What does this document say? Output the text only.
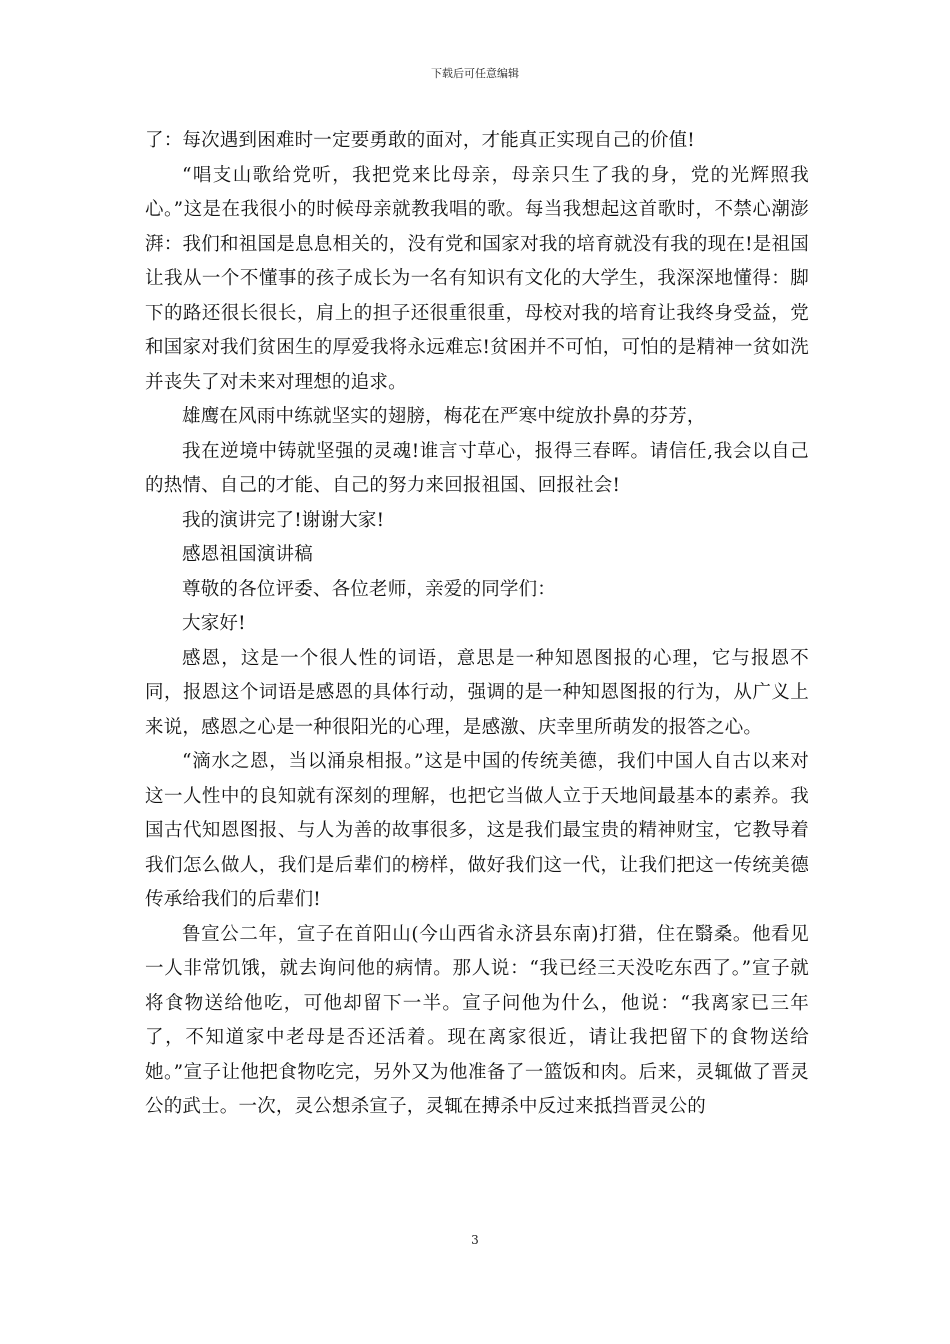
下载后可任意编辑

了：每次遇到困难时一定要勇敢的面对，才能真正实现自己的价值!

“唱支山歌给党听，我把党来比母亲，母亲只生了我的身，党的光辉照我心。”这是在我很小的时候母亲就教我唱的歌。每当我想起这首歌时，不禁心潮澎湃：我们和祖国是息息相关的，没有党和国家对我的培育就没有我的现在!是祖国让我从一个不懂事的孩子成长为一名有知识有文化的大学生，我深深地懂得：脚下的路还很长很长，肩上的担子还很重很重，母校对我的培育让我终身受益，党和国家对我们贫困生的厚爱我将永远难忘!贫困并不可怕，可怕的是精神一贫如洗并丧失了对未来对理想的追求。

雄鹰在风雨中练就坚实的翅膀，梅花在严寒中绽放扑鼻的芬芳，

我在逆境中铸就坚强的灵魂!谁言寸草心，报得三春晖。请信任,我会以自己的热情、自己的才能、自己的努力来回报祖国、回报社会!

我的演讲完了!谢谢大家!

感恩祖国演讲稿

尊敬的各位评委、各位老师，亲爱的同学们：

大家好!

感恩，这是一个很人性的词语，意思是一种知恩图报的心理，它与报恩不同，报恩这个词语是感恩的具体行动，强调的是一种知恩图报的行为，从广义上来说，感恩之心是一种很阳光的心理，是感激、庆幸里所萌发的报答之心。

“滴水之恩，当以涌泉相报。”这是中国的传统美德，我们中国人自古以来对这一人性中的良知就有深刻的理解，也把它当做人立于天地间最基本的素养。我国古代知恩图报、与人为善的故事很多，这是我们最宝贵的精神财宝，它教导着我们怎么做人，我们是后辈们的榜样，做好我们这一代，让我们把这一传统美德传承给我们的后辈们!

鲁宣公二年，宣子在首阳山(今山西省永济县东南)打猎，住在翳桑。他看见一人非常饥饿，就去询问他的病情。那人说：“我已经三天没吃东西了。”宣子就将食物送给他吃，可他却留下一半。宣子问他为什么，他说：“我离家已三年了，不知道家中老母是否还活着。现在离家很近，请让我把留下的食物送给她。”宣子让他把食物吃完，另外又为他准备了一篮饭和肉。后来，灵辄做了晋灵公的武士。一次，灵公想杀宣子，灵辄在搏杀中反过来抵挡晋灵公的

3
